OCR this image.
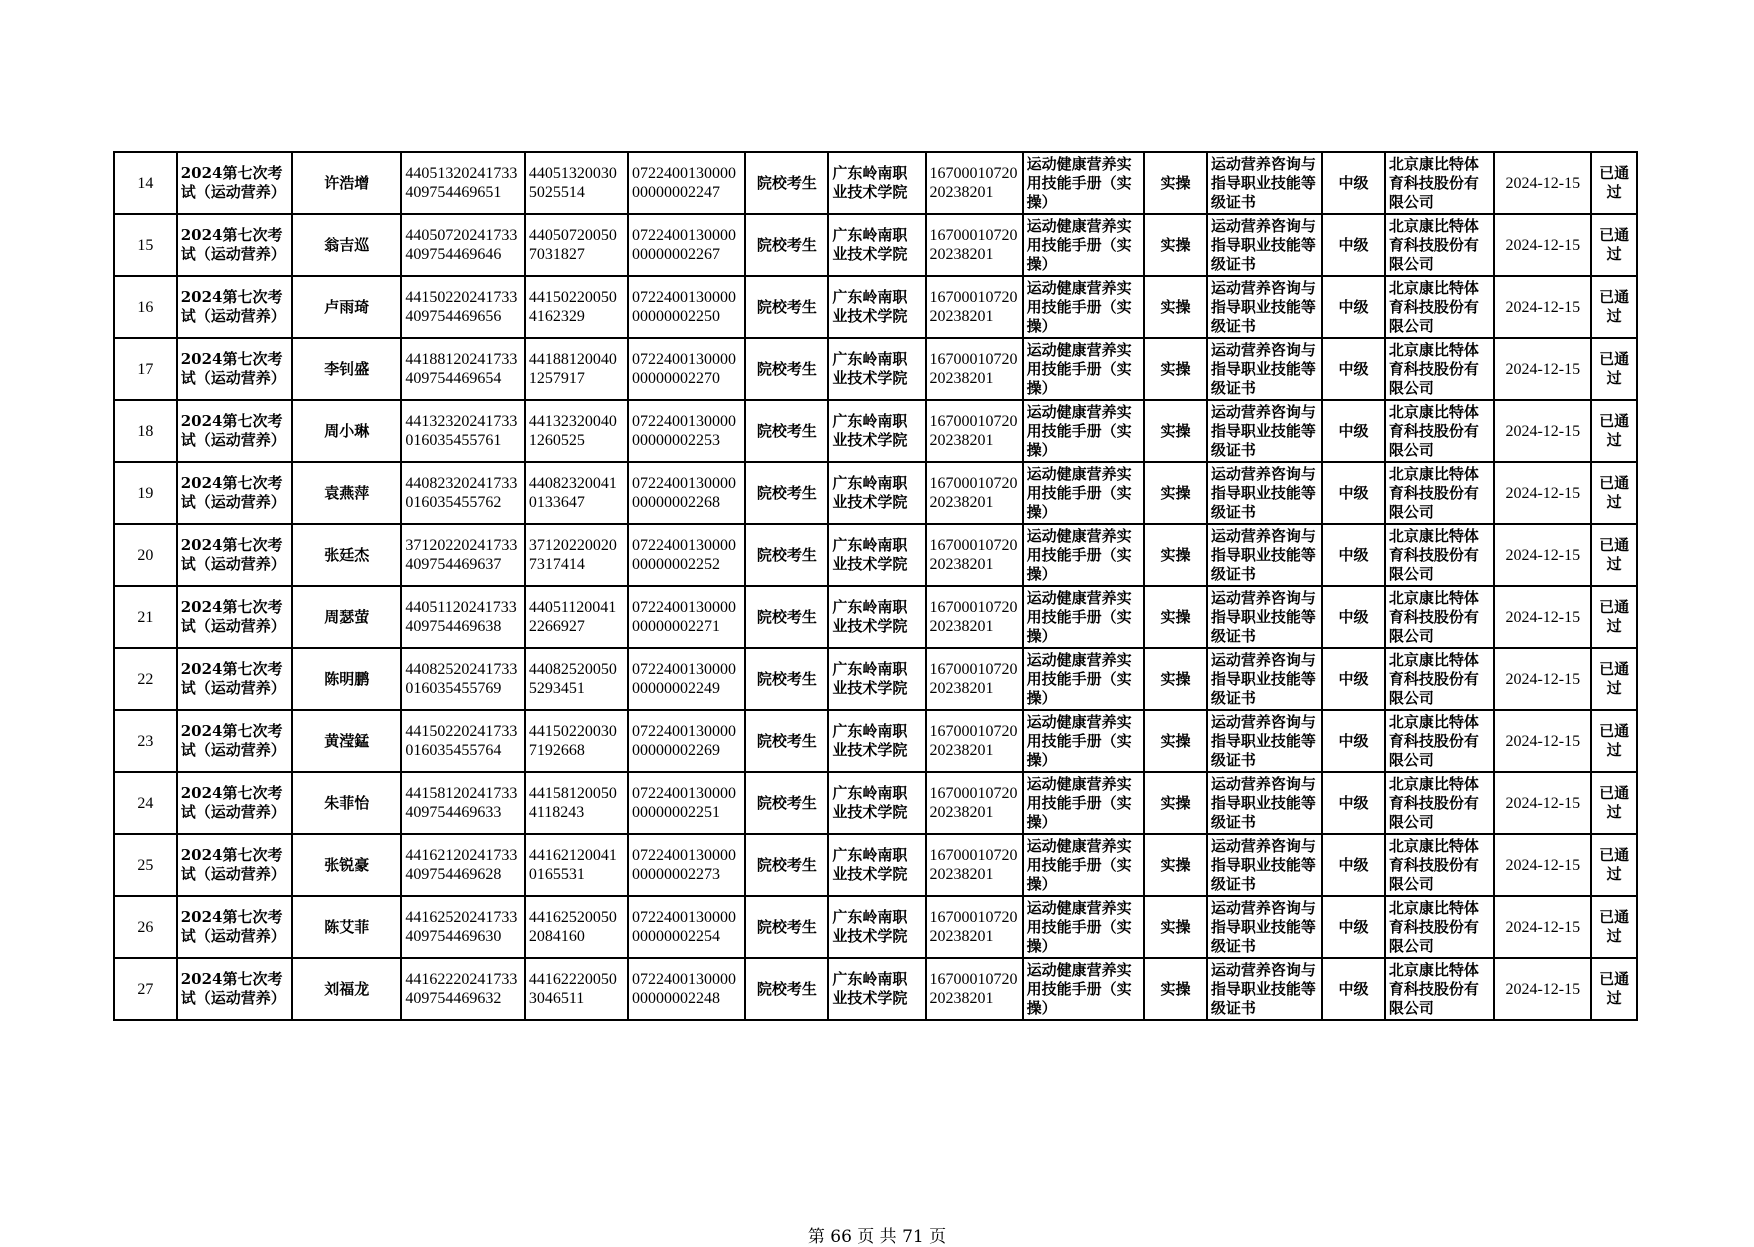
14	2024第七次考试（运动营养）	许浩增	44051320241733409754469651	440513200305025514	072240013000000000002247	院校考生	广东岭南职业技术学院	1670001072020238201	运动健康营养实用技能手册（实操）	实操	运动营养咨询与指导职业技能等级证书	中级	北京康比特体育科技股份有限公司	2024-12-15	已通过
15	2024第七次考试（运动营养）	翁吉巡	44050720241733409754469646	440507200507031827	072240013000000000002267	院校考生	广东岭南职业技术学院	1670001072020238201	运动健康营养实用技能手册（实操）	实操	运动营养咨询与指导职业技能等级证书	中级	北京康比特体育科技股份有限公司	2024-12-15	已通过
16	2024第七次考试（运动营养）	卢雨琦	44150220241733409754469656	441502200504162329	072240013000000000002250	院校考生	广东岭南职业技术学院	1670001072020238201	运动健康营养实用技能手册（实操）	实操	运动营养咨询与指导职业技能等级证书	中级	北京康比特体育科技股份有限公司	2024-12-15	已通过
17	2024第七次考试（运动营养）	李钊盛	44188120241733409754469654	441881200401257917	072240013000000000002270	院校考生	广东岭南职业技术学院	1670001072020238201	运动健康营养实用技能手册（实操）	实操	运动营养咨询与指导职业技能等级证书	中级	北京康比特体育科技股份有限公司	2024-12-15	已通过
18	2024第七次考试（运动营养）	周小琳	44132320241733016035455761	441323200401260525	072240013000000000002253	院校考生	广东岭南职业技术学院	1670001072020238201	运动健康营养实用技能手册（实操）	实操	运动营养咨询与指导职业技能等级证书	中级	北京康比特体育科技股份有限公司	2024-12-15	已通过
19	2024第七次考试（运动营养）	袁燕萍	44082320241733016035455762	440823200410133647	072240013000000000002268	院校考生	广东岭南职业技术学院	1670001072020238201	运动健康营养实用技能手册（实操）	实操	运动营养咨询与指导职业技能等级证书	中级	北京康比特体育科技股份有限公司	2024-12-15	已通过
20	2024第七次考试（运动营养）	张廷杰	37120220241733409754469637	371202200207317414	072240013000000000002252	院校考生	广东岭南职业技术学院	1670001072020238201	运动健康营养实用技能手册（实操）	实操	运动营养咨询与指导职业技能等级证书	中级	北京康比特体育科技股份有限公司	2024-12-15	已通过
21	2024第七次考试（运动营养）	周瑟萤	44051120241733409754469638	440511200412266927	072240013000000000002271	院校考生	广东岭南职业技术学院	1670001072020238201	运动健康营养实用技能手册（实操）	实操	运动营养咨询与指导职业技能等级证书	中级	北京康比特体育科技股份有限公司	2024-12-15	已通过
22	2024第七次考试（运动营养）	陈明鹏	44082520241733016035455769	440825200505293451	072240013000000000002249	院校考生	广东岭南职业技术学院	1670001072020238201	运动健康营养实用技能手册（实操）	实操	运动营养咨询与指导职业技能等级证书	中级	北京康比特体育科技股份有限公司	2024-12-15	已通过
23	2024第七次考试（运动营养）	黄滢錳	44150220241733016035455764	441502200307192668	072240013000000000002269	院校考生	广东岭南职业技术学院	1670001072020238201	运动健康营养实用技能手册（实操）	实操	运动营养咨询与指导职业技能等级证书	中级	北京康比特体育科技股份有限公司	2024-12-15	已通过
24	2024第七次考试（运动营养）	朱菲怡	44158120241733409754469633	441581200504118243	072240013000000000002251	院校考生	广东岭南职业技术学院	1670001072020238201	运动健康营养实用技能手册（实操）	实操	运动营养咨询与指导职业技能等级证书	中级	北京康比特体育科技股份有限公司	2024-12-15	已通过
25	2024第七次考试（运动营养）	张锐豪	44162120241733409754469628	441621200410165531	072240013000000000002273	院校考生	广东岭南职业技术学院	1670001072020238201	运动健康营养实用技能手册（实操）	实操	运动营养咨询与指导职业技能等级证书	中级	北京康比特体育科技股份有限公司	2024-12-15	已通过
26	2024第七次考试（运动营养）	陈艾菲	44162520241733409754469630	441625200502084160	072240013000000000002254	院校考生	广东岭南职业技术学院	1670001072020238201	运动健康营养实用技能手册（实操）	实操	运动营养咨询与指导职业技能等级证书	中级	北京康比特体育科技股份有限公司	2024-12-15	已通过
27	2024第七次考试（运动营养）	刘福龙	44162220241733409754469632	441622200503046511	072240013000000000002248	院校考生	广东岭南职业技术学院	1670001072020238201	运动健康营养实用技能手册（实操）	实操	运动营养咨询与指导职业技能等级证书	中级	北京康比特体育科技股份有限公司	2024-12-15	已通过
第 66 页 共 71 页
